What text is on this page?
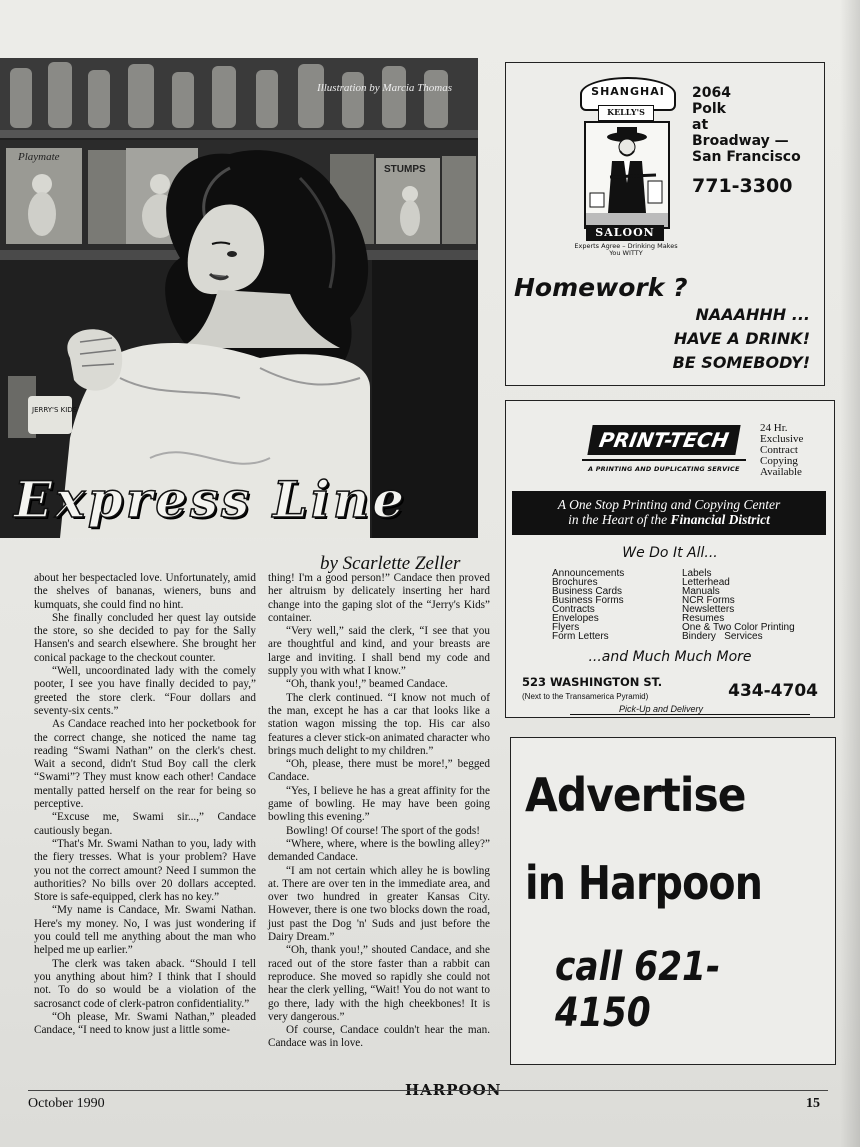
Playmate
STUMPS
JERRY'S KIDS
Illustration by Marcia Thomas
Express Line
by Scarlette Zeller

about her bespectacled love. Unfortunately, amid the shelves of bananas, wieners, buns and kumquats, she could find no hint.

She finally concluded her quest lay outside the store, so she decided to pay for the Sally Hansen's and search elsewhere. She brought her conical package to the checkout counter.

“Well, uncoordinated lady with the comely pooter, I see you have finally decided to pay,” greeted the store clerk. “Four dollars and seventy-six cents.”

As Candace reached into her pocketbook for the correct change, she noticed the name tag reading “Swami Nathan” on the clerk's chest. Wait a second, didn't Stud Boy call the clerk “Swami”? They must know each other! Candace mentally patted herself on the rear for being so perceptive.

“Excuse me, Swami sir...,” Candace cautiously began.

“That's Mr. Swami Nathan to you, lady with the fiery tresses. What is your problem? Have you not the correct amount? Need I summon the authorities? No bills over 20 dollars accepted. Store is safe-equipped, clerk has no key.”

“My name is Candace, Mr. Swami Nathan. Here's my money. No, I was just wondering if you could tell me anything about the man who helped me up earlier.”

The clerk was taken aback. “Should I tell you anything about him? I think that I should not. To do so would be a violation of the sacrosanct code of clerk-patron confidentiality.”

“Oh please, Mr. Swami Nathan,” pleaded Candace, “I need to know just a little some-

thing! I'm a good person!” Candace then proved her altruism by delicately inserting her hard change into the gaping slot of the “Jerry's Kids” container.

“Very well,” said the clerk, “I see that you are thoughtful and kind, and your breasts are large and inviting. I shall bend my code and supply you with what I know.”

“Oh, thank you!,” beamed Candace.

The clerk continued. “I know not much of the man, except he has a car that looks like a station wagon missing the top. His car also features a clever stick-on animated character who brings much delight to my children.”

“Oh, please, there must be more!,” begged Candace.

“Yes, I believe he has a great affinity for the game of bowling. He may have been going bowling this evening.”

Bowling! Of course! The sport of the gods!

“Where, where, where is the bowling alley?” demanded Candace.

“I am not certain which alley he is bowling at. There are over ten in the immediate area, and over two hundred in greater Kansas City. However, there is one two blocks down the road, just past the Dog 'n' Suds and just before the Dairy Dream.”

“Oh, thank you!,” shouted Candace, and she raced out of the store faster than a rabbit can reproduce. She moved so rapidly she could not hear the clerk yelling, “Wait! You do not want to go there, lady with the high cheekbones! It is very dangerous.”

Of course, Candace couldn't hear the man. Candace was in love.

SHANGHAI
KELLY'S
SALOON
Experts Agree – Drinking Makes You WITTY
2064
Polk
at
Broadway —
San Francisco
771-3300
Homework ?
NAAAHHH ...
HAVE A DRINK!
BE SOMEBODY!
PRINT-TECH
A PRINTING AND DUPLICATING SERVICE
24 Hr.
Exclusive
Contract
Copying
Available
A One Stop Printing and Copying Center
in the Heart of the Financial District
We Do It All...
Announcements
Brochures
Business Cards
Business Forms
Contracts
Envelopes
Flyers
Form Letters
Labels
Letterhead
Manuals
NCR Forms
Newsletters
Resumes
One & Two Color Printing
Bindery   Services
...and Much Much More
523 WASHINGTON ST.
(Next to the Transamerica Pyramid)	434-4704
Pick-Up and Delivery
Advertise
in Harpoon
call 621-4150
HARPOON
October 1990	15
